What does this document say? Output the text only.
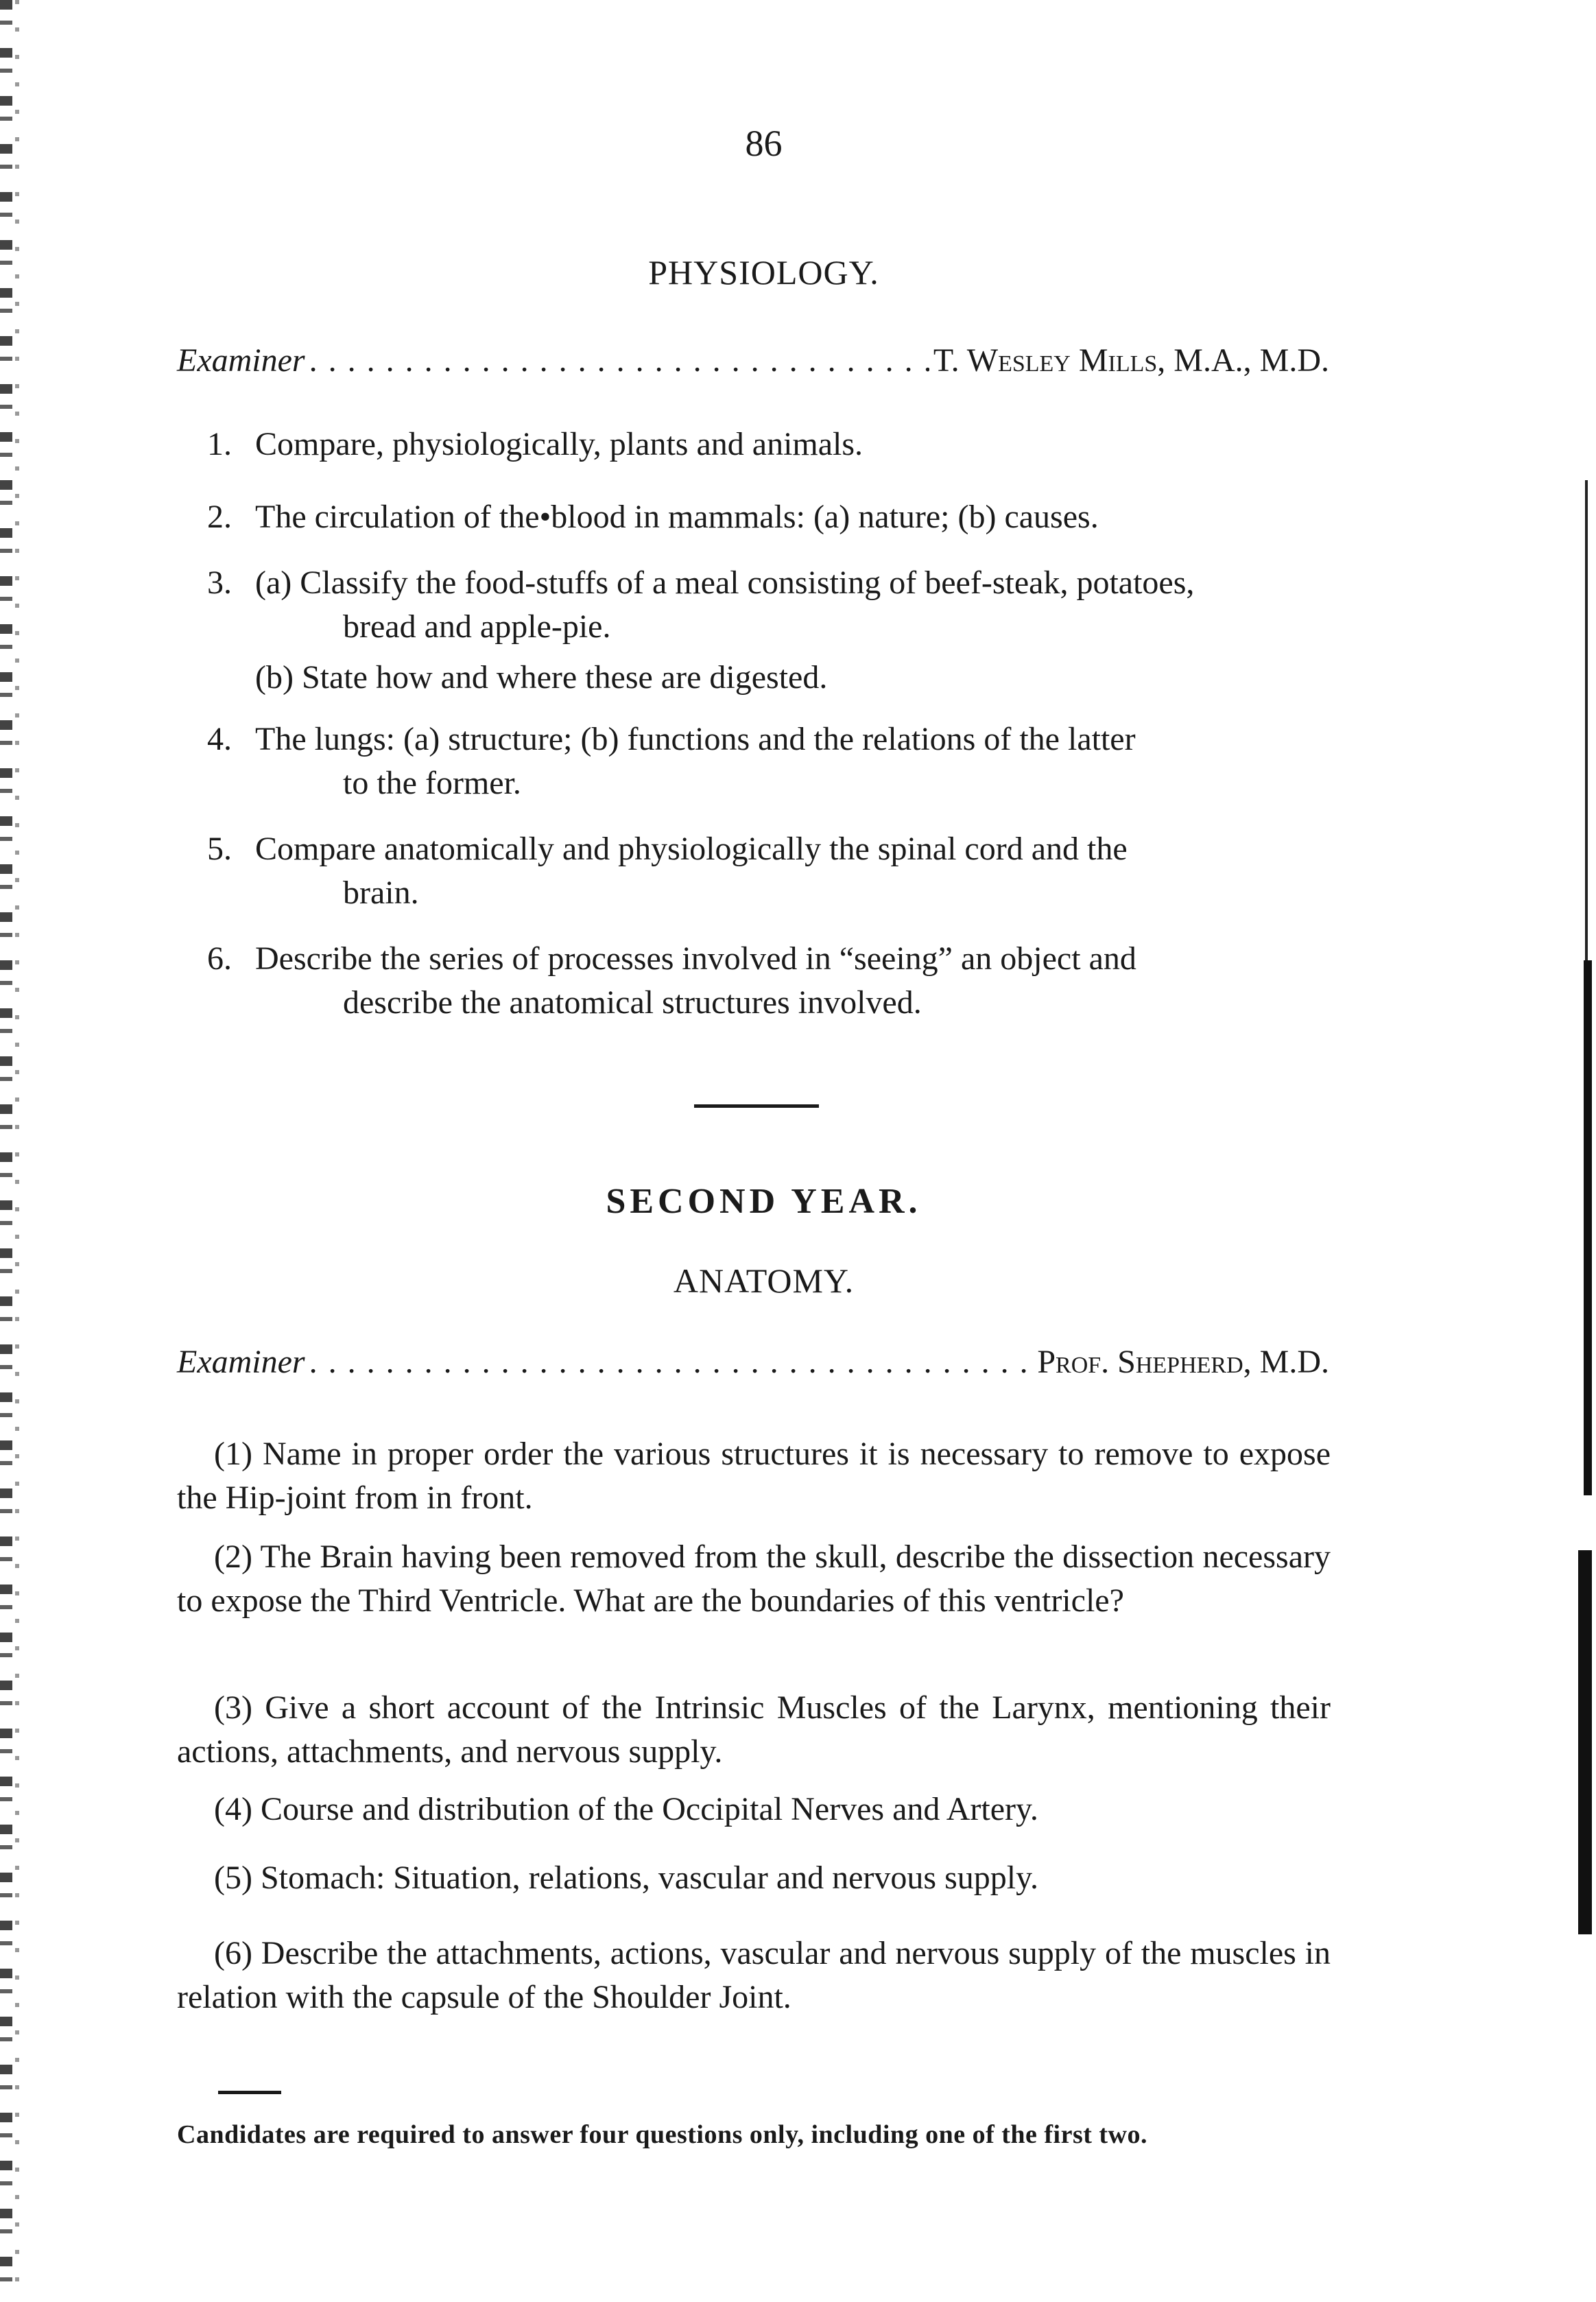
86
PHYSIOLOGY.
Examiner . . .	T. Wesley Mills, M.A., M.D.
1. Compare, physiologically, plants and animals.
2. The circulation of the•blood in mammals: (a) nature; (b) causes.
3. (a) Classify the food-stuffs of a meal consisting of beef-steak, potatoes,
bread and apple-pie.
(b) State how and where these are digested.
4. The lungs: (a) structure; (b) functions and the relations of the latter
to the former.
5. Compare anatomically and physiologically the spinal cord and the
brain.
6. Describe the series of processes involved in “seeing” an object and
describe the anatomical structures involved.
SECOND YEAR.
ANATOMY.
Examiner . . .	Prof. Shepherd, M.D.
(1) Name in proper order the various structures it is necessary to remove to expose the Hip-joint from in front.
(2) The Brain having been removed from the skull, describe the dissection necessary to expose the Third Ventricle. What are the boundaries of this ventricle?
(3) Give a short account of the Intrinsic Muscles of the Larynx, mentioning their actions, attachments, and nervous supply.
(4) Course and distribution of the Occipital Nerves and Artery.
(5) Stomach: Situation, relations, vascular and nervous supply.
(6) Describe the attachments, actions, vascular and nervous supply of the muscles in relation with the capsule of the Shoulder Joint.
Candidates are required to answer four questions only, including one of the first two.
